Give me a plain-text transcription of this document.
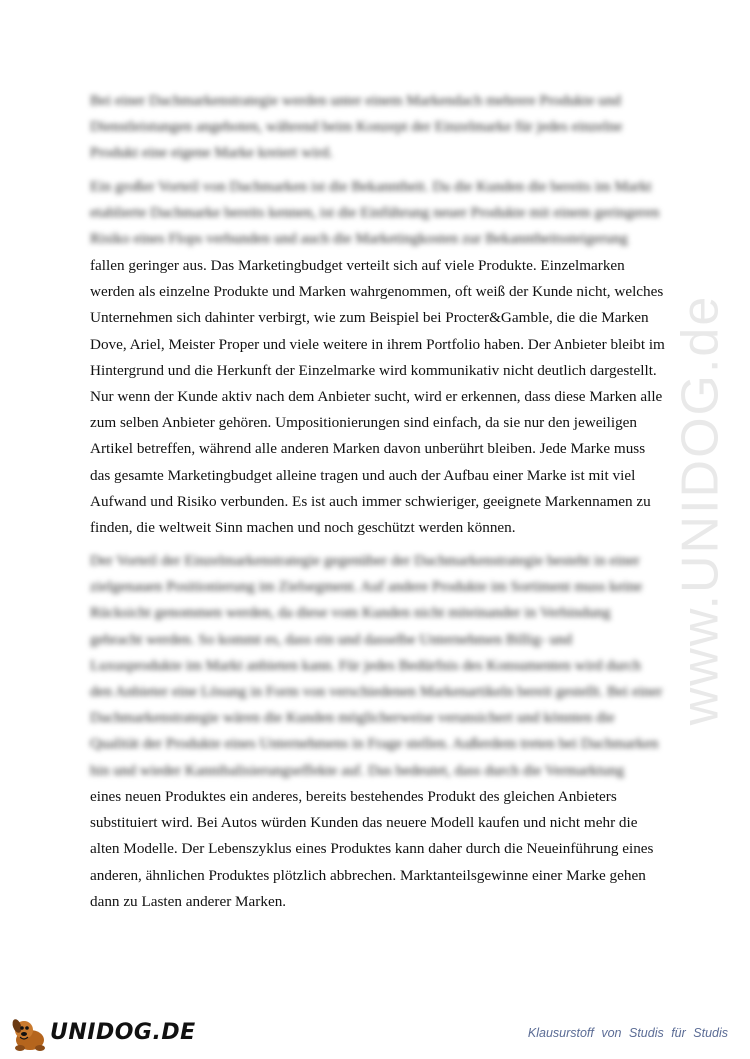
Bei einer Dachmarkenstrategie werden unter einem Markendach mehrere Produkte und Dienstleistungen angeboten, während beim Konzept der Einzelmarke für jedes einzelne Produkt eine eigene Marke kreiert wird.

Ein großer Vorteil von Dachmarken ist die Bekanntheit. Da die Kunden die bereits im Markt etablierte Dachmarke bereits kennen, ist die Einführung neuer Produkte mit einem geringeren Risiko eines Flops verbunden und auch die Marketingkosten zur Bekanntheitssteigerung

fallen geringer aus. Das Marketingbudget verteilt sich auf viele Produkte. Einzelmarken werden als einzelne Produkte und Marken wahrgenommen, oft weiß der Kunde nicht, welches Unternehmen sich dahinter verbirgt, wie zum Beispiel bei Procter&Gamble, die die Marken Dove, Ariel, Meister Proper und viele weitere in ihrem Portfolio haben. Der Anbieter bleibt im Hintergrund und die Herkunft der Einzelmarke wird kommunikativ nicht deutlich dargestellt. Nur wenn der Kunde aktiv nach dem Anbieter sucht, wird er erkennen, dass diese Marken alle zum selben Anbieter gehören. Umpositionierungen sind einfach, da sie nur den jeweiligen Artikel betreffen, während alle anderen Marken davon unberührt bleiben. Jede Marke muss das gesamte Marketingbudget alleine tragen und auch der Aufbau einer Marke ist mit viel Aufwand und Risiko verbunden. Es ist auch immer schwieriger, geeignete Markennamen zu finden, die weltweit Sinn machen und noch geschützt werden können.

Der Vorteil der Einzelmarkenstrategie gegenüber der Dachmarkenstrategie besteht in einer zielgenauen Positionierung im Zielsegment. Auf andere Produkte im Sortiment muss keine Rücksicht genommen werden, da diese vom Kunden nicht miteinander in Verbindung gebracht werden. So kommt es, dass ein und dasselbe Unternehmen Billig- und Luxusprodukte im Markt anbieten kann. Für jedes Bedürfnis des Konsumenten wird durch den Anbieter eine Lösung in Form von verschiedenen Markenartikeln bereit gestellt. Bei einer Dachmarkenstrategie wären die Kunden möglicherweise verunsichert und könnten die Qualität der Produkte eines Unternehmens in Frage stellen. Außerdem treten bei Dachmarken hin und wieder Kannibalisierungseffekte auf. Das bedeutet, dass durch die Vermarktung

eines neuen Produktes ein anderes, bereits bestehendes Produkt des gleichen Anbieters substituiert wird. Bei Autos würden Kunden das neuere Modell kaufen und nicht mehr die alten Modelle. Der Lebenszyklus eines Produktes kann daher durch die Neueinführung eines anderen, ähnlichen Produktes plötzlich abbrechen. Marktanteilsgewinne einer Marke gehen dann zu Lasten anderer Marken.

www.UNIDOG.de
UNIDOG.DE	Klausurstoff von Studis für Studis
